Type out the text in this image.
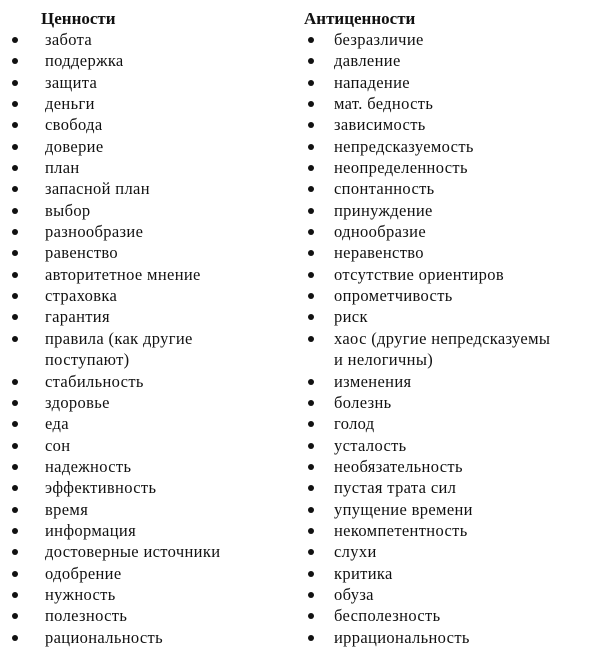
Ценности
забота
поддержка
защита
деньги
свобода
доверие
план
запасной план
выбор
разнообразие
равенство
авторитетное мнение
страховка
гарантия
правила (как другие
поступают)
стабильность
здоровье
еда
сон
надежность
эффективность
время
информация
достоверные источники
одобрение
нужность
полезность
рациональность
Антиценности
безразличие
давление
нападение
мат. бедность
зависимость
непредсказуемость
неопределенность
спонтанность
принуждение
однообразие
неравенство
отсутствие ориентиров
опрометчивость
риск
хаос (другие непредсказуемы
и нелогичны)
изменения
болезнь
голод
усталость
необязательность
пустая трата сил
упущение времени
некомпетентность
слухи
критика
обуза
бесполезность
иррациональность
